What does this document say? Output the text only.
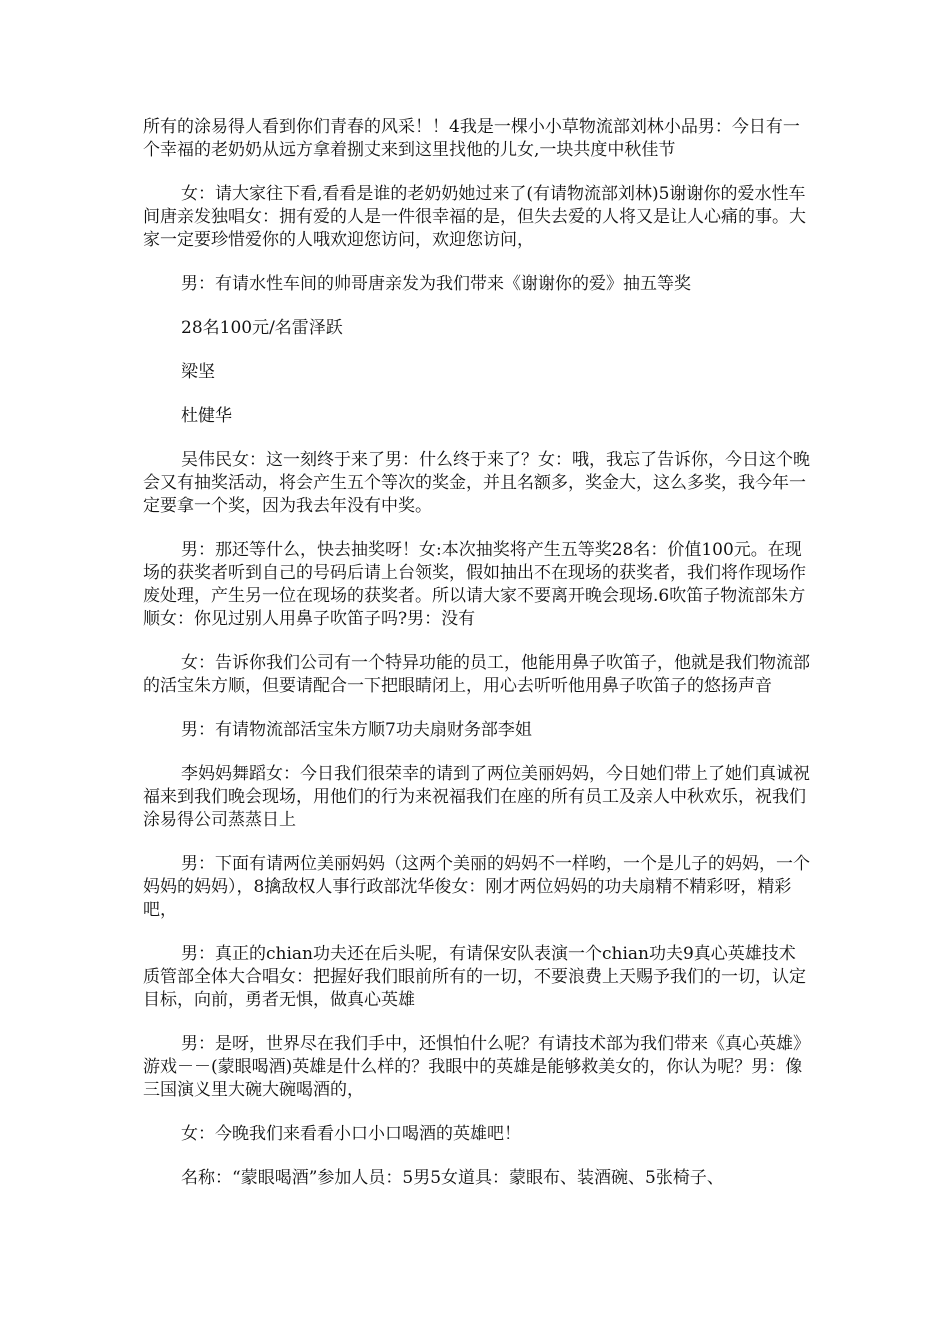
所有的涂易得人看到你们青春的风采！！4我是一棵小小草物流部刘林小品男：今日有一个幸福的老奶奶从远方拿着捌丈来到这里找他的儿女,一块共度中秋佳节

女：请大家往下看,看看是谁的老奶奶她过来了(有请物流部刘林)5谢谢你的爱水性车间唐亲发独唱女：拥有爱的人是一件很幸福的是，但失去爱的人将又是让人心痛的事。大家一定要珍惜爱你的人哦欢迎您访问，欢迎您访问，

男：有请水性车间的帅哥唐亲发为我们带来《谢谢你的爱》抽五等奖

28名100元/名雷泽跃

梁坚

杜健华

吴伟民女：这一刻终于来了男：什么终于来了？女：哦，我忘了告诉你，今日这个晚会又有抽奖活动，将会产生五个等次的奖金，并且名额多，奖金大，这么多奖，我今年一定要拿一个奖，因为我去年没有中奖。

男：那还等什么，快去抽奖呀！女:本次抽奖将产生五等奖28名：价值100元。在现场的获奖者听到自己的号码后请上台领奖，假如抽出不在现场的获奖者，我们将作现场作废处理，产生另一位在现场的获奖者。所以请大家不要离开晚会现场.6吹笛子物流部朱方顺女：你见过别人用鼻子吹笛子吗?男：没有

女：告诉你我们公司有一个特异功能的员工，他能用鼻子吹笛子，他就是我们物流部的活宝朱方顺，但要请配合一下把眼睛闭上，用心去听听他用鼻子吹笛子的悠扬声音

男：有请物流部活宝朱方顺7功夫扇财务部李姐

李妈妈舞蹈女：今日我们很荣幸的请到了两位美丽妈妈，今日她们带上了她们真诚祝福来到我们晚会现场，用他们的行为来祝福我们在座的所有员工及亲人中秋欢乐，祝我们涂易得公司蒸蒸日上

男：下面有请两位美丽妈妈（这两个美丽的妈妈不一样哟，一个是儿子的妈妈，一个妈妈的妈妈），8擒敌权人事行政部沈华俊女：刚才两位妈妈的功夫扇精不精彩呀，精彩吧，

男：真正的chian功夫还在后头呢，有请保安队表演一个chian功夫9真心英雄技术质管部全体大合唱女：把握好我们眼前所有的一切，不要浪费上天赐予我们的一切，认定目标，向前，勇者无惧，做真心英雄

男：是呀，世界尽在我们手中，还惧怕什么呢？有请技术部为我们带来《真心英雄》游戏－－(蒙眼喝酒)英雄是什么样的？我眼中的英雄是能够救美女的，你认为呢？男：像三国演义里大碗大碗喝酒的，

女：今晚我们来看看小口小口喝酒的英雄吧！

名称：“蒙眼喝酒”参加人员：5男5女道具：蒙眼布、装酒碗、5张椅子、
